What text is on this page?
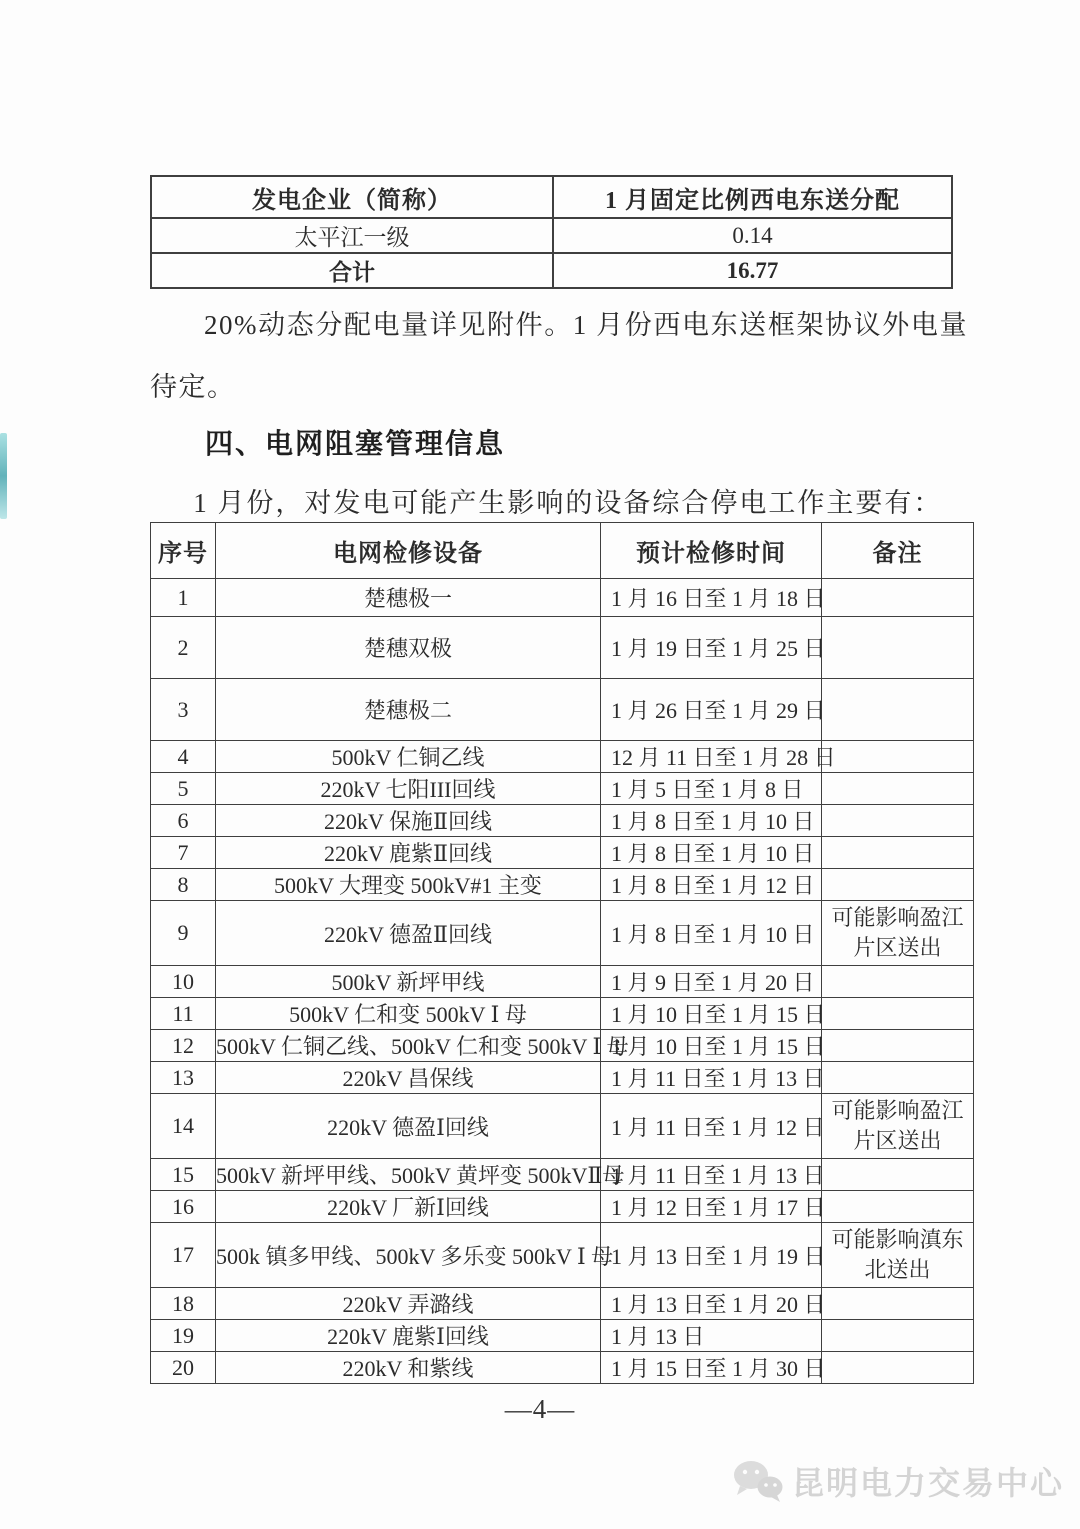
发电企业（简称）	1 月固定比例西电东送分配
太平江一级	0.14
合计	16.77

20%动态分配电量详见附件。1 月份西电东送框架协议外电量待定。

四、电网阻塞管理信息

1 月份，对发电可能产生影响的设备综合停电工作主要有：

序号	电网检修设备	预计检修时间	备注
1	楚穗极一	1 月 16 日至 1 月 18 日	
2	楚穗双极	1 月 19 日至 1 月 25 日	
3	楚穗极二	1 月 26 日至 1 月 29 日	
4	500kV 仁铜乙线	12 月 11 日至 1 月 28 日	
5	220kV 七阳III回线	1 月 5 日至 1 月 8 日	
6	220kV 保施Ⅱ回线	1 月 8 日至 1 月 10 日	
7	220kV 鹿紫Ⅱ回线	1 月 8 日至 1 月 10 日	
8	500kV 大理变 500kV#1 主变	1 月 8 日至 1 月 12 日	
9	220kV 德盈Ⅱ回线	1 月 8 日至 1 月 10 日	可能影响盈江片区送出
10	500kV 新坪甲线	1 月 9 日至 1 月 20 日	
11	500kV 仁和变 500kV Ⅰ 母	1 月 10 日至 1 月 15 日	
12	500kV 仁铜乙线、500kV 仁和变 500kV Ⅰ 母	1 月 10 日至 1 月 15 日	
13	220kV 昌保线	1 月 11 日至 1 月 13 日	
14	220kV 德盈Ⅰ回线	1 月 11 日至 1 月 12 日	可能影响盈江片区送出
15	500kV 新坪甲线、500kV 黄坪变 500kVⅡ母	1 月 11 日至 1 月 13 日	
16	220kV 厂新Ⅰ回线	1 月 12 日至 1 月 17 日	
17	500k 镇多甲线、500kV 多乐变 500kV Ⅰ 母	1 月 13 日至 1 月 19 日	可能影响滇东北送出
18	220kV 弄潞线	1 月 13 日至 1 月 20 日	
19	220kV 鹿紫Ⅰ回线	1 月 13 日	
20	220kV 和紫线	1 月 15 日至 1 月 30 日	
—4—
昆明电力交易中心
